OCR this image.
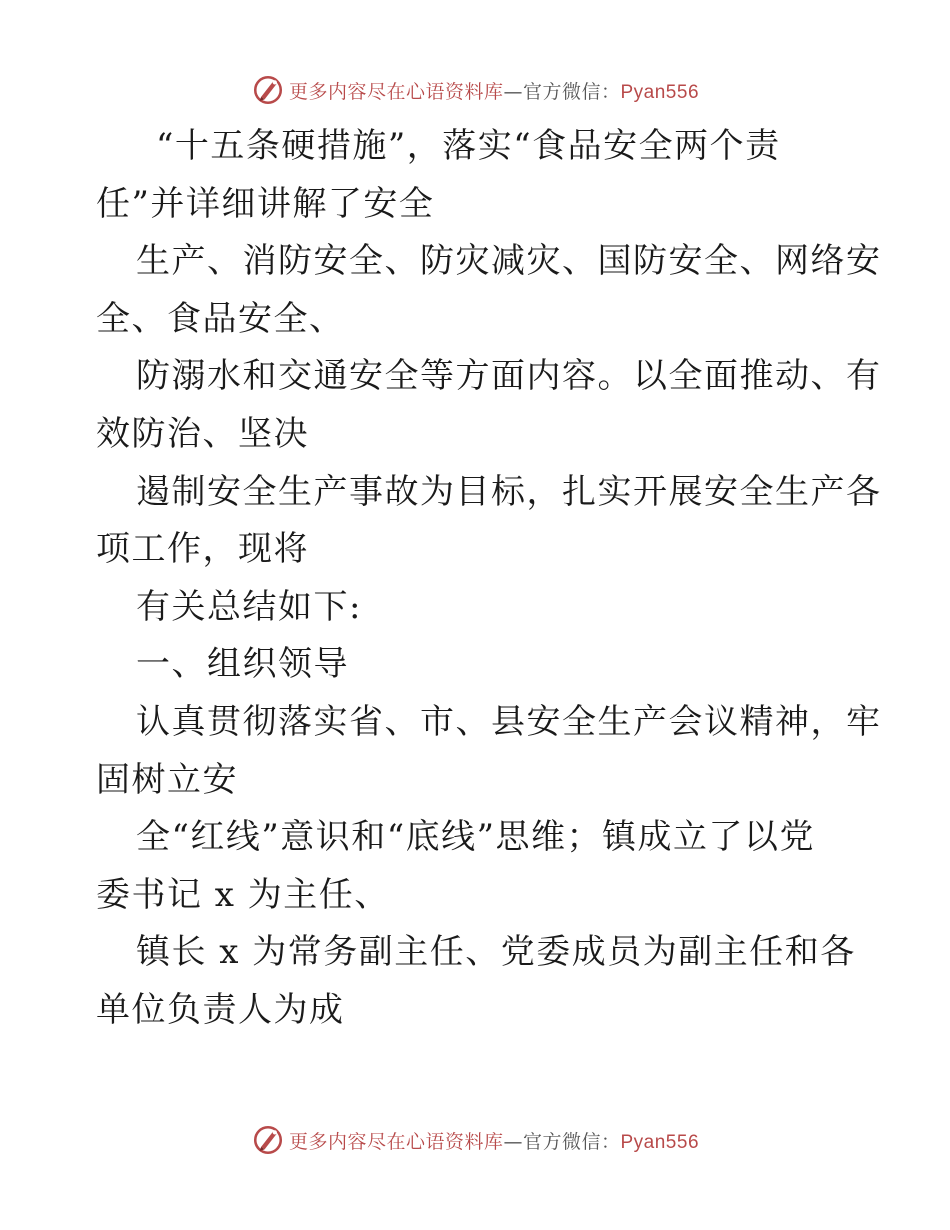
更多内容尽在心语资料库—官方微信：Pyan556
“十五条硬措施”，落实“食品安全两个责
任”并详细讲解了安全
生产、消防安全、防灾减灾、国防安全、网络安
全、食品安全、
防溺水和交通安全等方面内容。以全面推动、有
效防治、坚决
遏制安全生产事故为目标，扎实开展安全生产各
项工作，现将
有关总结如下:
一、组织领导
认真贯彻落实省、市、县安全生产会议精神，牢
固树立安
全“红线”意识和“底线”思维；镇成立了以党
委书记 x 为主任、
镇长 x 为常务副主任、党委成员为副主任和各
单位负责人为成
更多内容尽在心语资料库—官方微信：Pyan556
